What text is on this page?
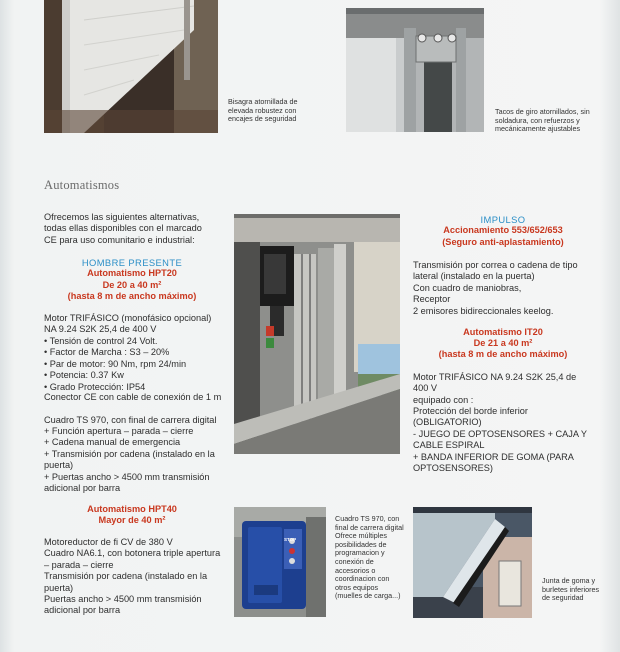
Bisagra atornillada de elevada robustez con encajes de seguridad
Tacos de giro atornillados, sin soldadura, con refuerzos y mecánicamente ajustables
Automatismos
Ofrecemos las siguientes alternativas, todas ellas disponibles con el marcado CE para uso comunitario e industrial:
HOMBRE PRESENTE
Automatismo HPT20
De 20 a 40 m²
(hasta 8 m de ancho máximo)
Motor TRIFÁSICO (monofásico opcional) NA 9.24 S2K 25,4 de 400 V
• Tensión de control 24 Volt.
• Factor de Marcha : S3 – 20%
• Par de motor: 90 Nm, rpm 24/min
• Potencia: 0.37 Kw
• Grado Protección: IP54
Conector CE con cable de conexión de 1 m
Cuadro TS 970, con final de carrera digital
+ Función apertura – parada – cierre
+ Cadena manual de emergencia
+ Transmisión por cadena (instalado en la puerta)
+ Puertas ancho > 4500 mm transmisión adicional por barra
Automatismo HPT40
Mayor de 40 m²
Motoreductor de fi CV de 380 V
Cuadro NA6.1, con botonera triple apertura – parada – cierre
Transmisión por cadena (instalado en la puerta)
Puertas ancho > 4500 mm transmisión adicional por barra
IMPULSO
Accionamiento 553/652/653
(Seguro anti-aplastamiento)
Transmisión por correa o cadena de tipo lateral (instalado en la puerta)
Con cuadro de maniobras,
Receptor
2 emisores bidireccionales keelog.
Automatismo IT20
De 21 a 40 m²
(hasta 8 m de ancho máximo)
Motor TRIFÁSICO NA 9.24 S2K 25,4 de 400 V
equipado con :
Protección del borde inferior (OBLIGATORIO)
- JUEGO DE OPTOSENSORES + CAJA Y CABLE ESPIRAL
+ BANDA INFERIOR DE GOMA (PARA OPTOSENSORES)
STOP
Cuadro TS 970, con final de carrera digital Ofrece múltiples posibilidades de programacion y conexión de accesorios o coordinacion con otros equipos (muelles de carga...)
Junta de goma y burletes inferiores de seguridad
